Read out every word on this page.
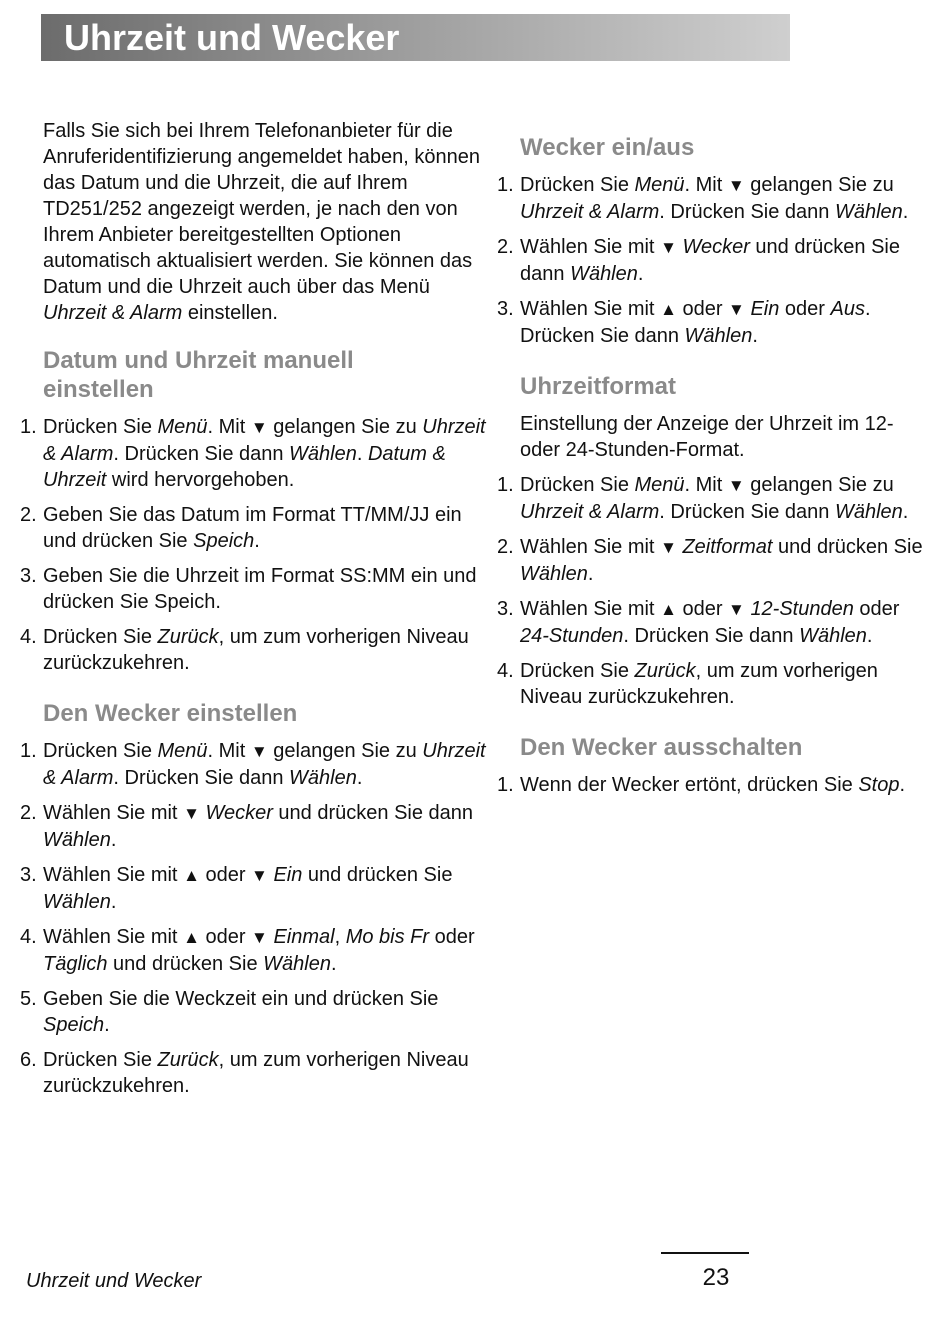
Uhrzeit und Wecker

Falls Sie sich bei Ihrem Telefonanbieter für die Anruferidentifizierung angemeldet haben, können das Datum und die Uhrzeit, die auf Ihrem TD251/252 angezeigt werden, je nach den von Ihrem Anbieter bereitgestellten Optionen automatisch aktualisiert werden. Sie können das Datum und die Uhrzeit auch über das Menü Uhrzeit & Alarm einstellen.

Datum und Uhrzeit manuell einstellen
1. Drücken Sie Menü. Mit ▼ gelangen Sie zu Uhrzeit & Alarm. Drücken Sie dann Wählen. Datum & Uhrzeit wird hervorgehoben.
2. Geben Sie das Datum im Format TT/MM/JJ ein und drücken Sie Speich.
3. Geben Sie die Uhrzeit im Format SS:MM ein und drücken Sie Speich.
4. Drücken Sie Zurück, um zum vorherigen Niveau zurückzukehren.
Den Wecker einstellen
1. Drücken Sie Menü. Mit ▼ gelangen Sie zu Uhrzeit & Alarm. Drücken Sie dann Wählen.
2. Wählen Sie mit ▼ Wecker und drücken Sie dann Wählen.
3. Wählen Sie mit ▲ oder ▼ Ein und drücken Sie Wählen.
4. Wählen Sie mit ▲ oder ▼ Einmal, Mo bis Fr oder Täglich und drücken Sie Wählen.
5. Geben Sie die Weckzeit ein und drücken Sie Speich.
6. Drücken Sie Zurück, um zum vorherigen Niveau zurückzukehren.
Wecker ein/aus
1. Drücken Sie Menü. Mit ▼ gelangen Sie zu Uhrzeit & Alarm. Drücken Sie dann Wählen.
2. Wählen Sie mit ▼ Wecker und drücken Sie dann Wählen.
3. Wählen Sie mit ▲ oder ▼ Ein oder Aus. Drücken Sie dann Wählen.
Uhrzeitformat

Einstellung der Anzeige der Uhrzeit im 12- oder 24-Stunden-Format.

1. Drücken Sie Menü. Mit ▼ gelangen Sie zu Uhrzeit & Alarm. Drücken Sie dann Wählen.
2. Wählen Sie mit ▼ Zeitformat und drücken Sie Wählen.
3. Wählen Sie mit ▲ oder ▼ 12-Stunden oder 24-Stunden. Drücken Sie dann Wählen.
4. Drücken Sie Zurück, um zum vorherigen Niveau zurückzukehren.
Den Wecker ausschalten
1. Wenn der Wecker ertönt, drücken Sie Stop.
Uhrzeit und Wecker	23
